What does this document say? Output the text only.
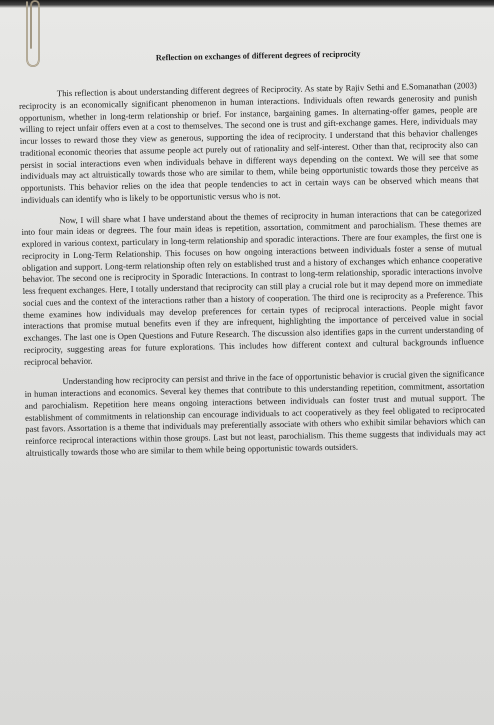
Reflection on exchanges of different degrees of reciprocity

This reflection is about understanding different degrees of Reciprocity. As state by Rajiv Sethi and E.Somanathan (2003) reciprocity is an economically significant phenomenon in human interactions. Individuals often rewards generosity and punish opportunism, whether in long-term relationship or brief. For instance, bargaining games. In alternating-offer games, people are willing to reject unfair offers even at a cost to themselves. The second one is trust and gift-exchange games. Here, individuals may incur losses to reward those they view as generous, supporting the idea of reciprocity. I understand that this behavior challenges traditional economic theories that assume people act purely out of rationality and self-interest. Other than that, reciprocity also can persist in social interactions even when individuals behave in different ways depending on the context. We will see that some individuals may act altruistically towards those who are similar to them, while being opportunistic towards those they perceive as opportunists. This behavior relies on the idea that people tendencies to act in certain ways can be observed which means that individuals can identify who is likely to be opportunistic versus who is not.

Now, I will share what I have understand about the themes of reciprocity in human interactions that can be categorized into four main ideas or degrees. The four main ideas is repetition, assortation, commitment and parochialism. These themes are explored in various context, particulary in long-term relationship and sporadic interactions. There are four examples, the first one is reciprocity in Long-Term Relationship. This focuses on how ongoing interactions between individuals foster a sense of mutual obligation and support. Long-term relationship often rely on established trust and a history of exchanges which enhance cooperative behavior. The second one is reciprocity in Sporadic Interactions. In contrast to long-term relationship, sporadic interactions involve less frequent exchanges. Here, I totally understand that reciprocity can still play a crucial role but it may depend more on immediate social cues and the context of the interactions rather than a history of cooperation. The third one is reciprocity as a Preference. This theme examines how individuals may develop preferences for certain types of reciprocal interactions. People might favor interactions that promise mutual benefits even if they are infrequent, highlighting the importance of perceived value in social exchanges. The last one is Open Questions and Future Research. The discussion also identifies gaps in the current understanding of reciprocity, suggesting areas for future explorations. This includes how different context and cultural backgrounds influence reciprocal behavior.

Understanding how reciprocity can persist and thrive in the face of opportunistic behavior is crucial given the significance in human interactions and economics. Several key themes that contribute to this understanding repetition, commitment, assortation and parochialism. Repetition here means ongoing interactions between individuals can foster trust and mutual support. The establishment of commitments in relationship can encourage individuals to act cooperatively as they feel obligated to reciprocated past favors. Assortation is a theme that individuals may preferentially associate with others who exhibit similar behaviors which can reinforce reciprocal interactions within those groups. Last but not least, parochialism. This theme suggests that individuals may act altruistically towards those who are similar to them while being opportunistic towards outsiders.
